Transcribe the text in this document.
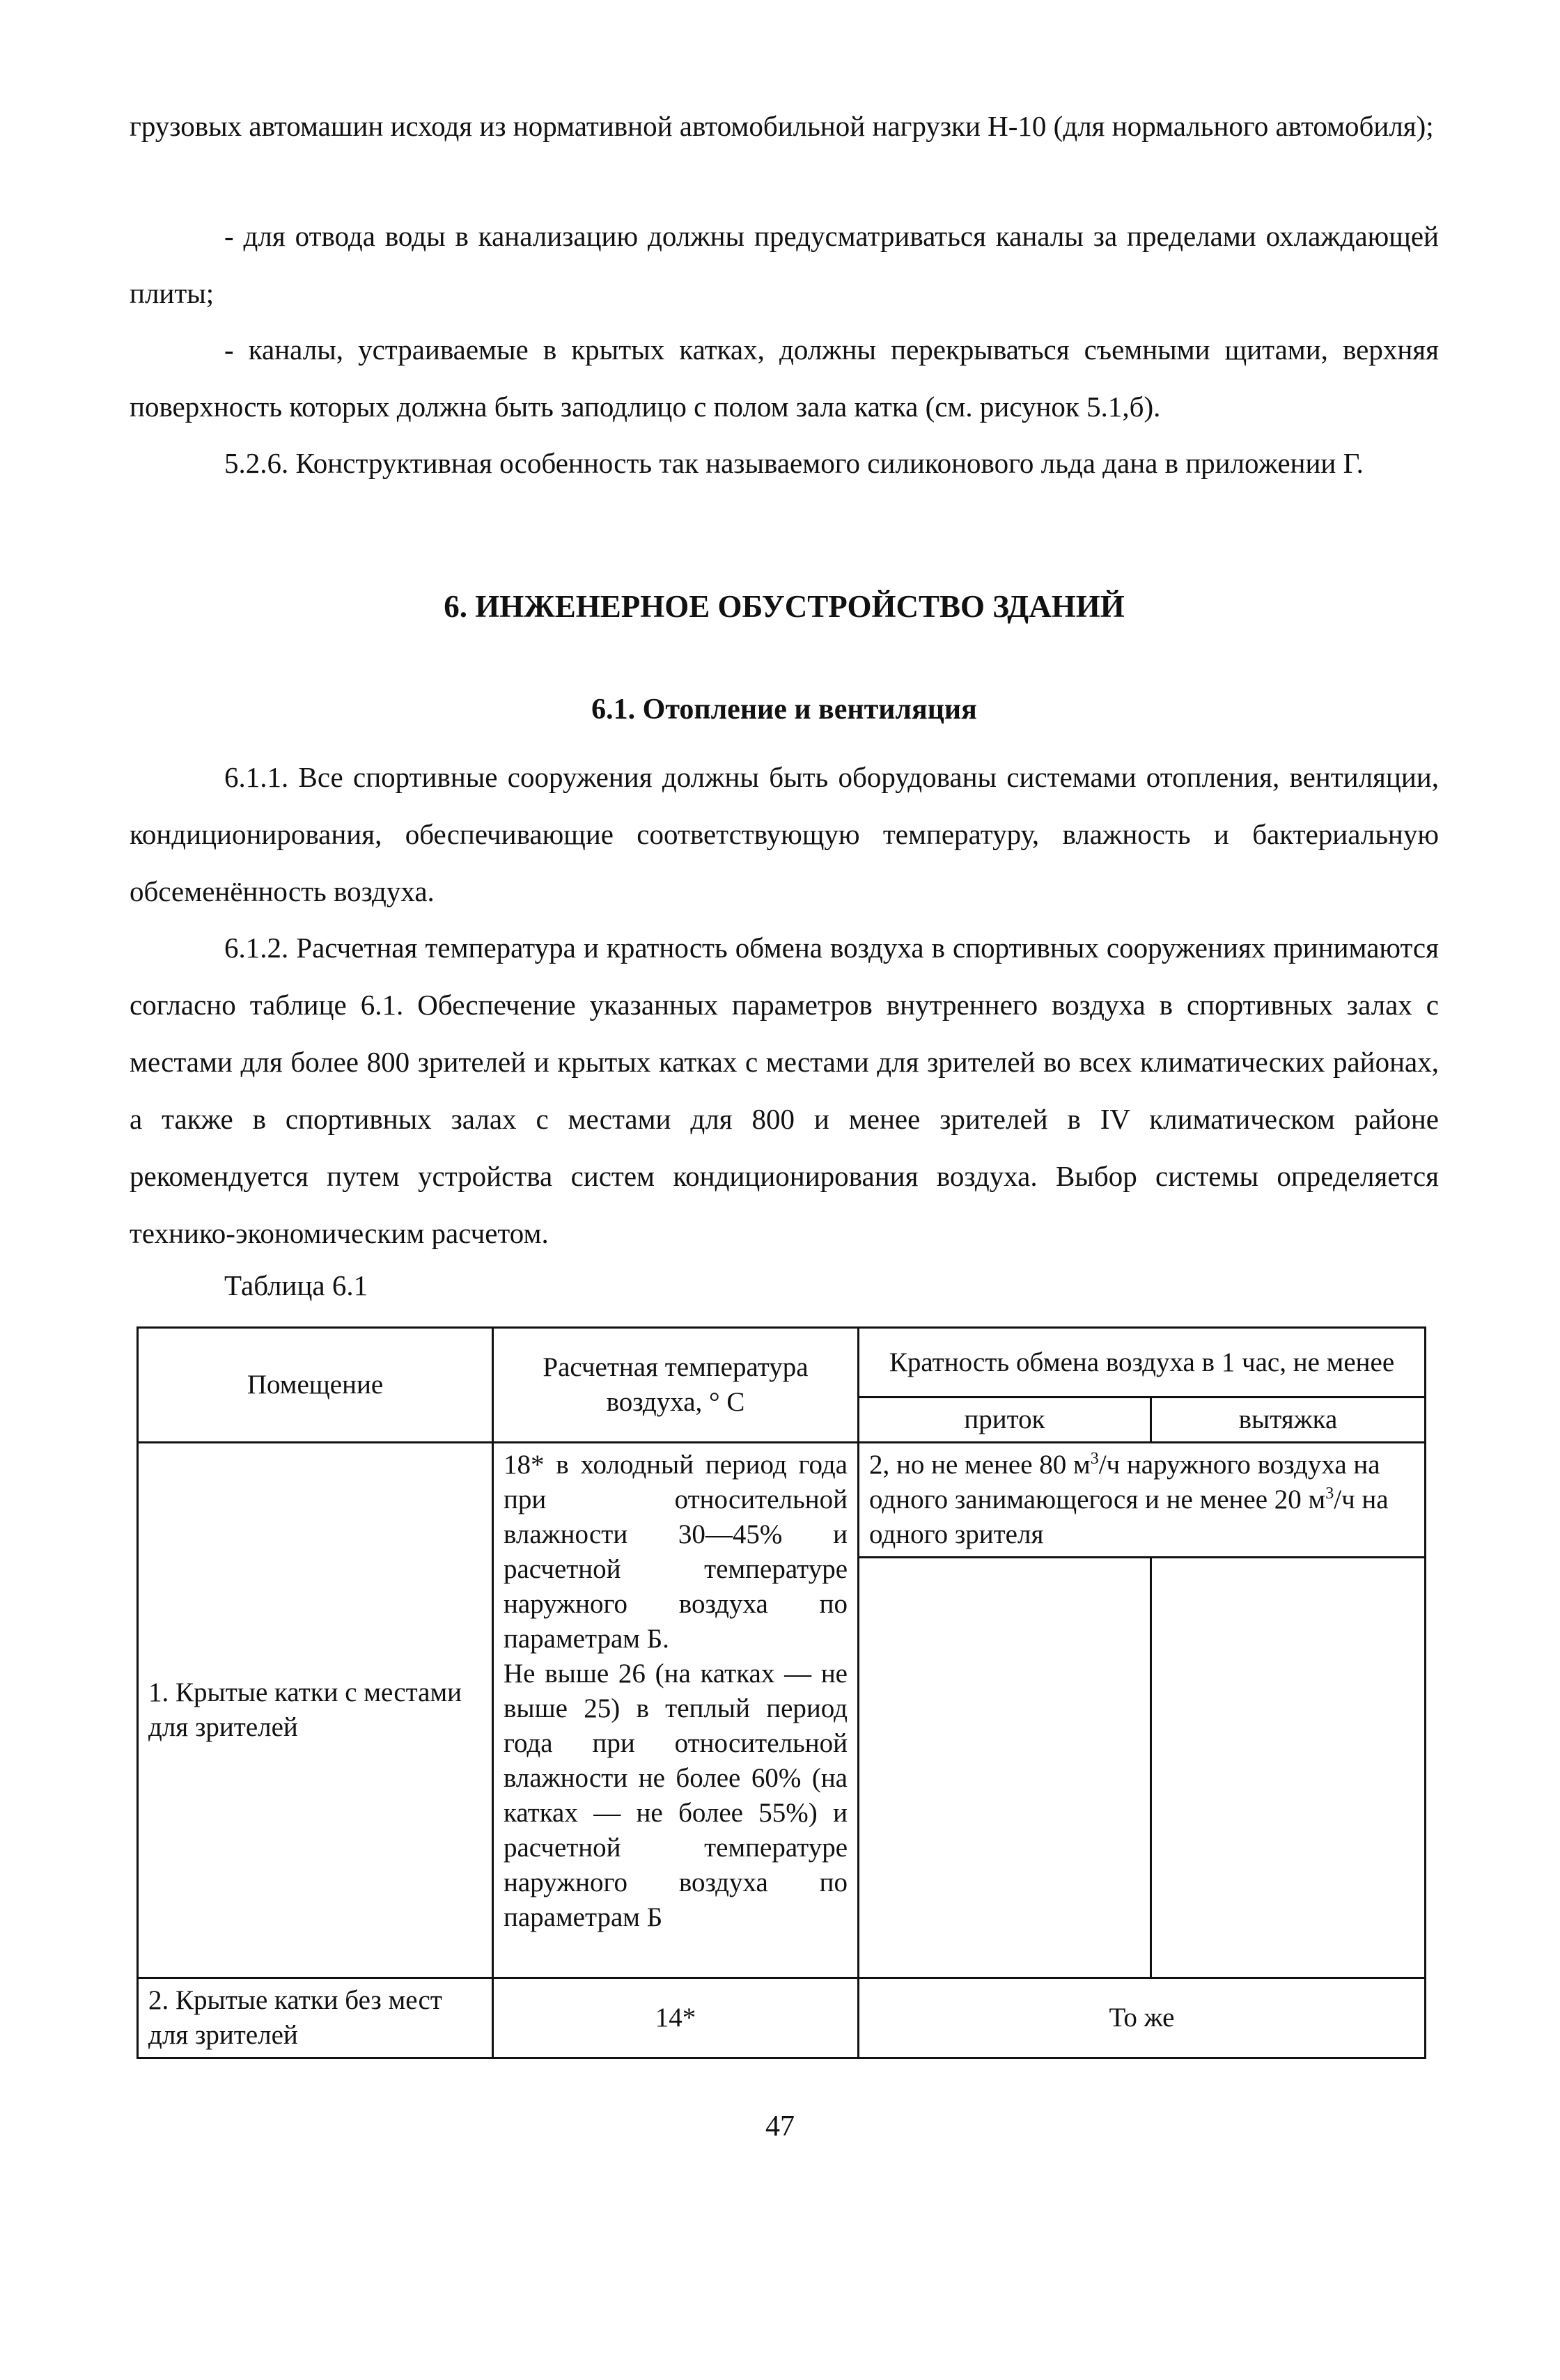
грузовых автомашин исходя из нормативной автомобильной нагрузки Н-10 (для нормального автомобиля);

- для отвода воды в канализацию должны предусматриваться каналы за пределами охлаждающей плиты;

- каналы, устраиваемые в крытых катках, должны перекрываться съемными щитами, верхняя поверхность которых должна быть заподлицо с полом зала катка (см. рисунок 5.1,б).

5.2.6. Конструктивная особенность так называемого силиконового льда дана в приложении Г.

6. ИНЖЕНЕРНОЕ ОБУСТРОЙСТВО ЗДАНИЙ
6.1. Отопление и вентиляция

6.1.1. Все спортивные сооружения должны быть оборудованы системами отопления, вентиляции, кондиционирования, обеспечивающие соответствующую температуру, влажность и бактериальную обсеменённость воздуха.

6.1.2. Расчетная температура и кратность обмена воздуха в спортивных сооружениях принимаются согласно таблице 6.1. Обеспечение указанных параметров внутреннего воздуха в спортивных залах с местами для более 800 зрителей и крытых катках с местами для зрителей во всех климатических районах, а также в спортивных залах с местами для 800 и менее зрителей в IV климатическом районе рекомендуется путем устройства систем кондиционирования воздуха. Выбор системы определяется технико-экономическим расчетом.

Таблица 6.1

Помещение	Расчетная температура воздуха, ° С	Кратность обмена воздуха в 1 час, не менее	
		приток	вытяжка
1. Крытые катки с местами для зрителей	18* в холодный период года при относительной влажности 30—45% и расчетной температуре наружного воздуха по параметрам Б.
Не выше 26 (на катках — не выше 25) в теплый период года при относительной влажности не более 60% (на катках — не более 55%) и расчетной температуре наружного воздуха по параметрам Б	2, но не менее 80 $м^3/ч$ наружного воздуха на одного занимающегося и не менее 20 $м^3/ч$ на одного зрителя	

2. Крытые катки без мест для зрителей	14*	То же	

47
